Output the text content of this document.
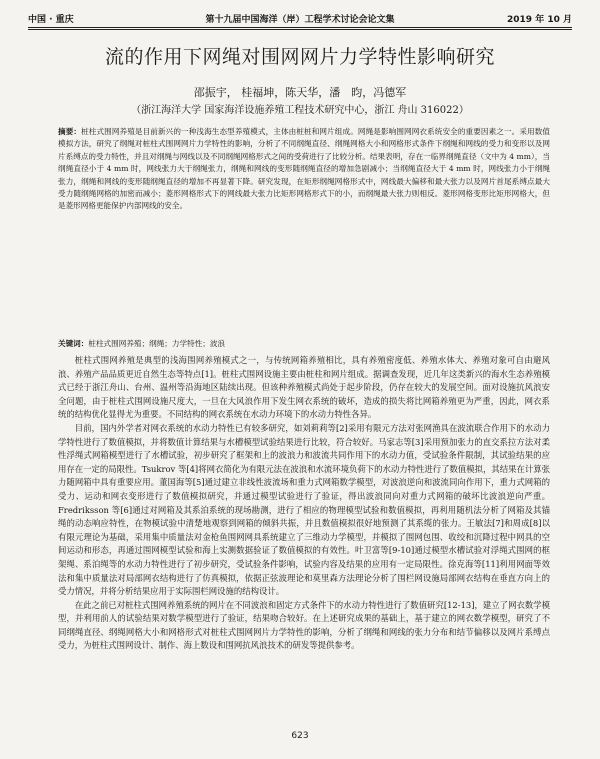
中国 · 重庆	第十九届中国海洋（岸）工程学术讨论会论文集	2019 年 10 月
流的作用下网绳对围网网片力学特性影响研究
邵振宇， 桂福坤，陈天华，潘　昀，冯德军
（浙江海洋大学 国家海洋设施养殖工程技术研究中心，浙江 舟山 316022）
摘要：桩柱式围网养殖是目前新兴的一种浅海生态型养殖模式，主体由桩桩和网片组成。网绳是影响围网网衣系统安全的重要因素之一。采用数值模拟方法，研究了纲绳对桩柱式围网网片力学特性的影响，分析了不同纲绳直径、纲绳网格大小和网格形式条件下纲绳和网线的受力和变形以及网片系缚点的受力特性，并且对纲绳与网线以及不同纲绳网格形式之间的受荷进行了比较分析。结果表明，存在一临界纲绳直径（文中为 4 mm），当纲绳直径小于 4 mm 时，网线张力大于纲绳张力，纲绳和网线的变形随纲绳直径的增加急剧减小；当纲绳直径大于 4 mm 时，网线张力小于纲绳张力，纲绳和网线的变形随纲绳直径的增加不再显著下降。研究发现，在矩形纲绳网格形式中，网线最大偏移和最大张力以及网片首尾系缚点最大受力随纲绳网格的加密而减小；菱形网格形式下的网线最大张力比矩形网格形式下的小，而纲绳最大张力则相反。菱形网格变形比矩形网格大，但是菱形网格更能保护内部网线的安全。
关键词：桩柱式围网养殖；纲绳；力学特性；波浪

桩柱式围网养殖是典型的浅海围网养殖模式之一，与传统网箱养殖相比，具有养殖密度低、养殖水体大、养殖对象可自由避风浪、养殖产品品质更近自然生态等特点[1]。桩柱式围网设施主要由桩柱和网片组成。据调查发现，近几年这类新兴的海水生态养殖模式已经于浙江舟山、台州、温州等沿海地区陆续出现。但该种养殖模式尚处于起步阶段，仍存在较大的发展空间。面对设施抗风浪安全问题，由于桩柱式围网设施尺度大，一旦在大风浪作用下发生网衣系统的破坏，造成的损失将比网箱养殖更为严重，因此，网衣系统的结构优化显得尤为重要。不同结构的网衣系统在水动力环境下的水动力特性各异。

目前，国内外学者对网衣系统的水动力特性已有较多研究，如刘莉莉等[2]采用有限元方法对张网渔具在波流联合作用下的水动力学特性进行了数值模拟，并将数值计算结果与水槽模型试验结果进行比较，符合较好。马家志等[3]采用预加张力的直交系拉方法对柔性浮绳式网箱模型进行了水槽试验，初步研究了框架和上的波浪力和波流共同作用下的水动力值，受试验条件限制，其试验结果的应用存在一定的局限性。Tsukrov 等[4]将网衣简化为有限元法在波浪和水流环境负荷下的水动力特性进行了数值模拟，其结果在计算张力随网箱中具有重要应用。董国海等[5]通过建立非线性波流场和重力式网箱数学模型，对波浪逆向和波流同向作用下，重力式网箱的受力、运动和网衣变形进行了数值模拟研究，并通过模型试验进行了验证，得出波浪同向对重力式网箱的破坏比波浪逆向严重。Fredriksson 等[6]通过对网箱及其系泊系统的现场勘测，进行了相应的物理模型试验和数值模拟，再利用随机法分析了网箱及其锚绳的动态响应特性，在物模试验中清楚地观察到网箱的倾斜共振，并且数值模拟很好地预测了其系缆的张力。王敏法[7]和周成[8]以有限元理论为基础，采用集中质量法对金枪鱼围网网具系统建立了三维动力学模型，并模拟了围网包围、收绞和沉降过程中网具的空间运动和形态，再通过围网模型试验和海上实测数据验证了数值模拟的有效性。叶卫富等[9-10]通过模型水槽试验对浮绳式围网的框架绳、系泊绳等的水动力特性进行了初步研究，受试验条件影响，试验内容及结果的应用有一定局限性。徐克海等[11]利用网面等效法和集中质量法对局部网衣结构进行了仿真模拟，依据正弦波理论和莫里森方法理论分析了围栏网设施局部网衣结构在垂直方向上的受力情况，并将分析结果应用于实际围栏网设施的结构设计。

在此之前已对桩柱式围网养殖系统的网片在不同波浪和固定方式条件下的水动力特性进行了数值研究[12-13]，建立了网衣数学模型，并利用前人的试验结果对数学模型进行了验证，结果吻合较好。在上述研究成果的基础上，基于建立的网衣数学模型，研究了不同纲绳直径、纲绳网格大小和网格形式对桩柱式围网网片力学特性的影响，分析了纲绳和网线的张力分布和结节偏移以及网片系缚点受力，为桩柱式围网设计、制作、海上数设和围网抗风浪技术的研发等提供参考。

623
